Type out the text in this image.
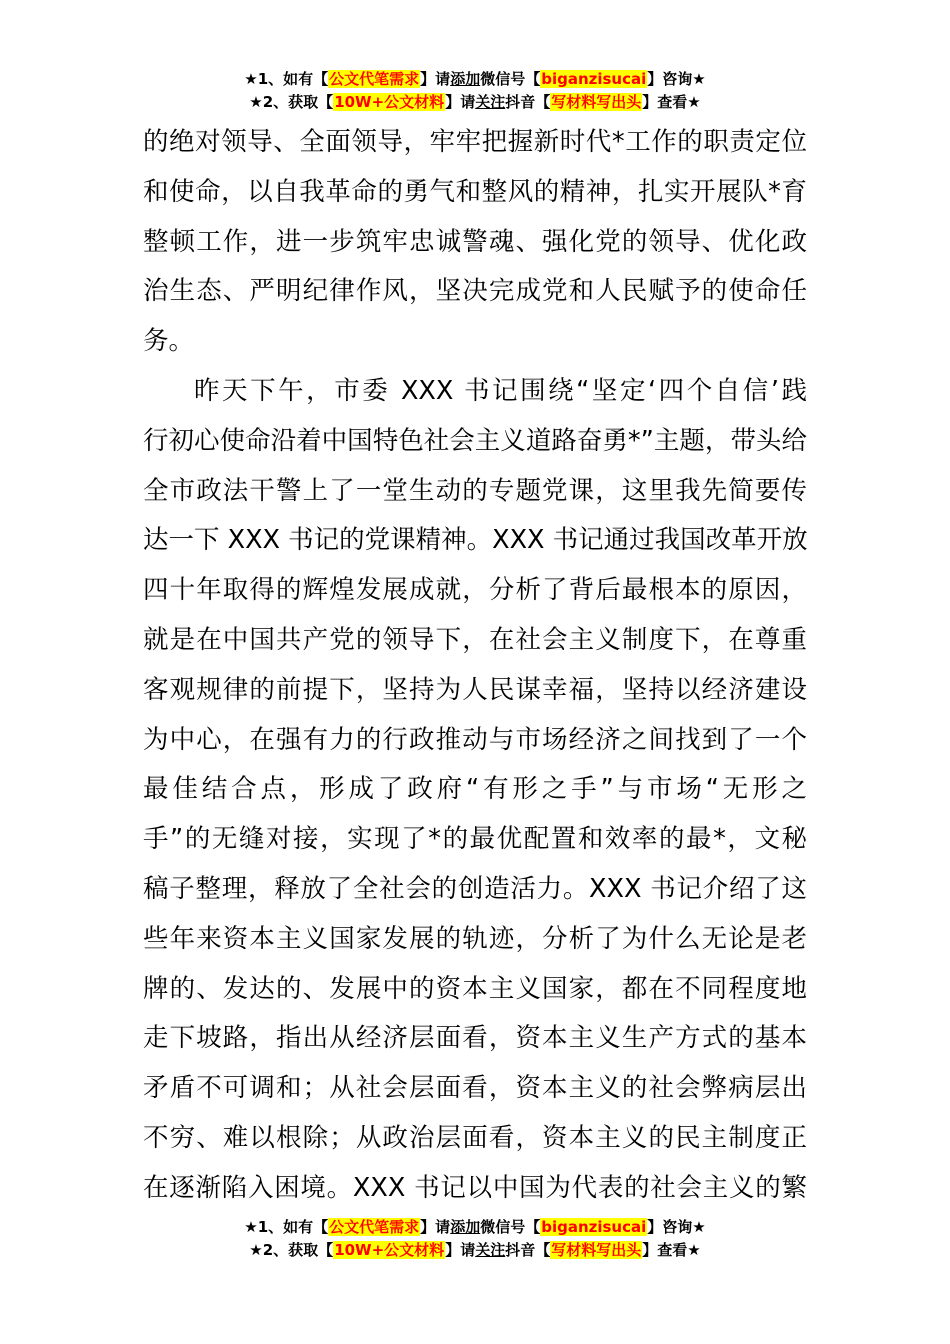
★1、如有【公文代笔需求】请添加微信号【biganzisucai】咨询★
★2、获取【10W+公文材料】请关注抖音【写材料写出头】查看★
的绝对领导、全面领导，牢牢把握新时代*工作的职责定位
和使命，以自我革命的勇气和整风的精神，扎实开展队*育
整顿工作，进一步筑牢忠诚警魂、强化党的领导、优化政
治生态、严明纪律作风，坚决完成党和人民赋予的使命任
务。
昨天下午，市委 XXX 书记围绕“坚定‘四个自信’践
行初心使命沿着中国特色社会主义道路奋勇*”主题，带头给
全市政法干警上了一堂生动的专题党课，这里我先简要传
达一下 XXX 书记的党课精神。XXX 书记通过我国改革开放
四十年取得的辉煌发展成就，分析了背后最根本的原因，
就是在中国共产党的领导下，在社会主义制度下，在尊重
客观规律的前提下，坚持为人民谋幸福，坚持以经济建设
为中心，在强有力的行政推动与市场经济之间找到了一个
最佳结合点，形成了政府“有形之手”与市场“无形之
手”的无缝对接，实现了*的最优配置和效率的最*，文秘
稿子整理，释放了全社会的创造活力。XXX 书记介绍了这
些年来资本主义国家发展的轨迹，分析了为什么无论是老
牌的、发达的、发展中的资本主义国家，都在不同程度地
走下坡路，指出从经济层面看，资本主义生产方式的基本
矛盾不可调和；从社会层面看，资本主义的社会弊病层出
不穷、难以根除；从政治层面看，资本主义的民主制度正
在逐渐陷入困境。XXX 书记以中国为代表的社会主义的繁
★1、如有【公文代笔需求】请添加微信号【biganzisucai】咨询★
★2、获取【10W+公文材料】请关注抖音【写材料写出头】查看★
